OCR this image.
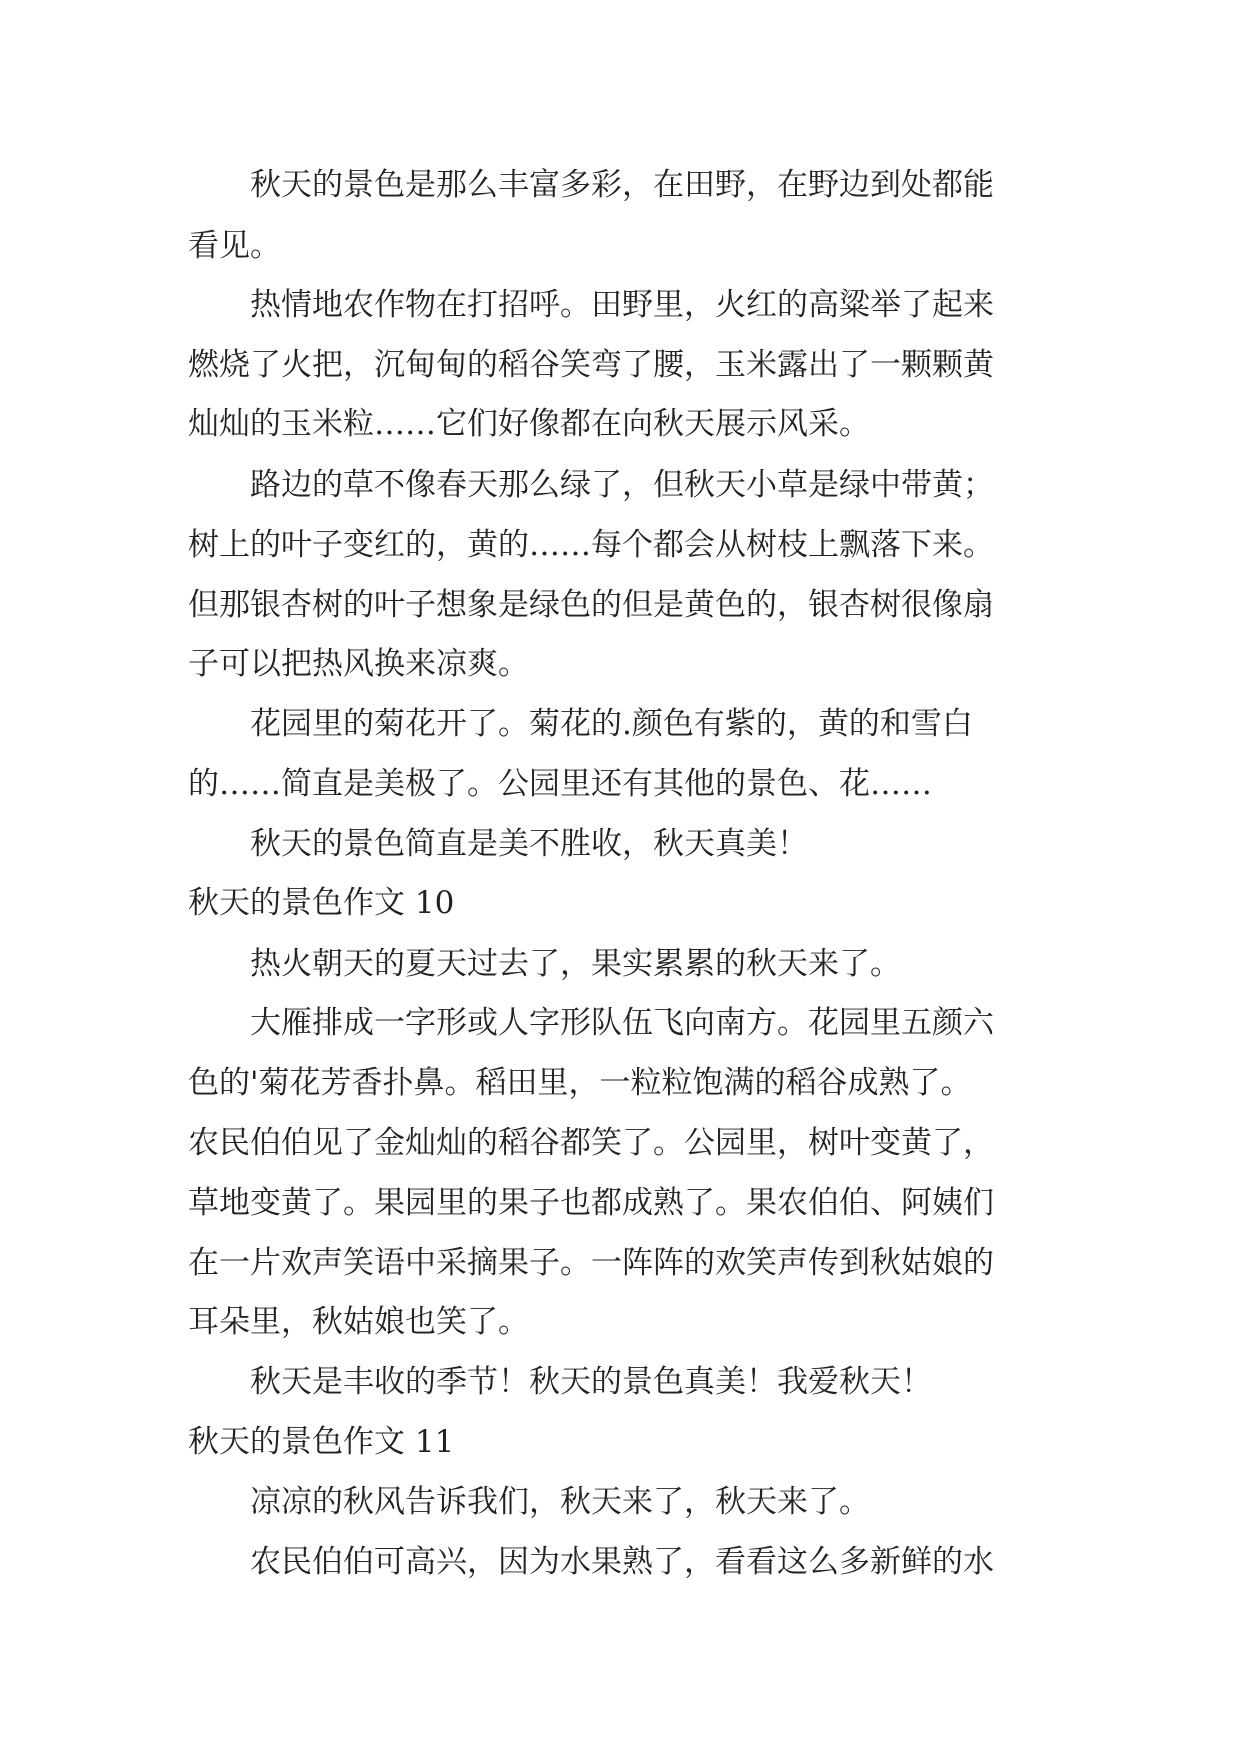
　　秋天的景色是那么丰富多彩，在田野，在野边到处都能
看见。
　　热情地农作物在打招呼。田野里，火红的高粱举了起来
燃烧了火把，沉甸甸的稻谷笑弯了腰，玉米露出了一颗颗黄
灿灿的玉米粒……它们好像都在向秋天展示风采。
　　路边的草不像春天那么绿了，但秋天小草是绿中带黄；
树上的叶子变红的，黄的……每个都会从树枝上飘落下来。
但那银杏树的叶子想象是绿色的但是黄色的，银杏树很像扇
子可以把热风换来凉爽。
　　花园里的菊花开了。菊花的.颜色有紫的，黄的和雪白
的……简直是美极了。公园里还有其他的景色、花……
　　秋天的景色简直是美不胜收，秋天真美！
秋天的景色作文 10
　　热火朝天的夏天过去了，果实累累的秋天来了。
　　大雁排成一字形或人字形队伍飞向南方。花园里五颜六
色的'菊花芳香扑鼻。稻田里，一粒粒饱满的稻谷成熟了。
农民伯伯见了金灿灿的稻谷都笑了。公园里，树叶变黄了，
草地变黄了。果园里的果子也都成熟了。果农伯伯、阿姨们
在一片欢声笑语中采摘果子。一阵阵的欢笑声传到秋姑娘的
耳朵里，秋姑娘也笑了。
　　秋天是丰收的季节！秋天的景色真美！我爱秋天！
秋天的景色作文 11
　　凉凉的秋风告诉我们，秋天来了，秋天来了。
　　农民伯伯可高兴，因为水果熟了，看看这么多新鲜的水
